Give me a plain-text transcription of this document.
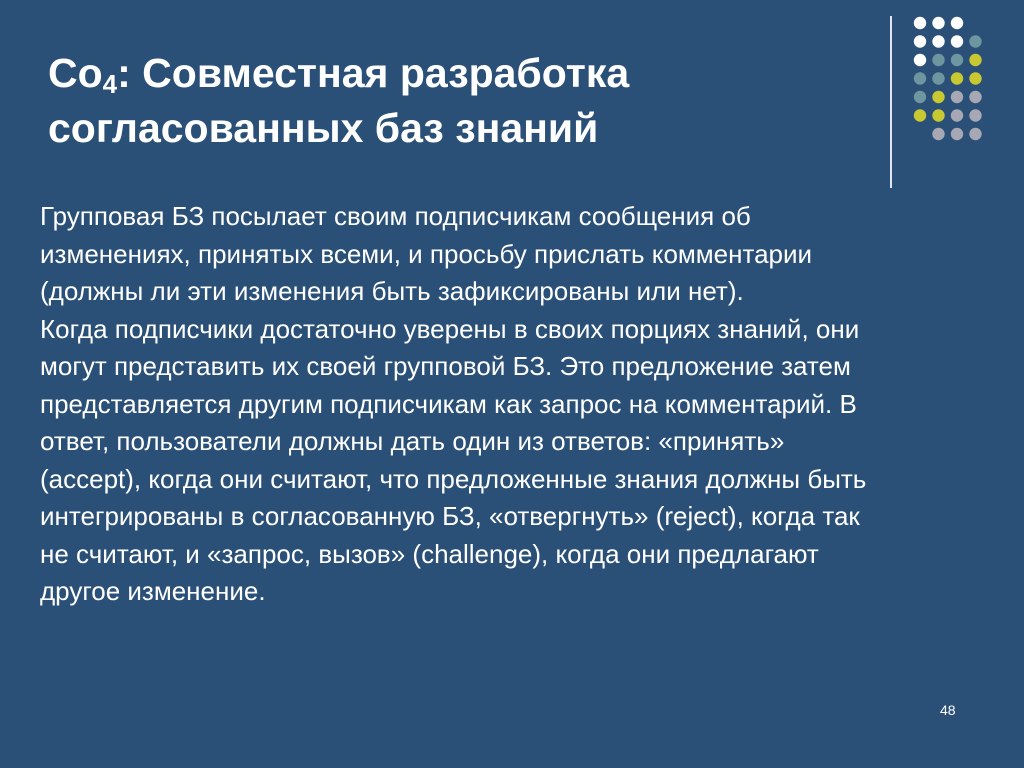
$Co_4$: Совместная разработка согласованных баз знаний

Групповая БЗ посылает своим подписчикам сообщения об изменениях, принятых всеми, и просьбу прислать комментарии (должны ли эти изменения быть зафиксированы или нет).

Когда подписчики достаточно уверены в своих порциях знаний, они могут представить их своей групповой БЗ. Это предложение затем представляется другим подписчикам как запрос на комментарий. В ответ, пользователи должны дать один из ответов: «принять» (accept), когда они считают, что предложенные знания должны быть интегрированы в согласованную БЗ, «отвергнуть» (reject), когда так не считают, и «запрос, вызов» (challenge), когда они предлагают другое изменение.

48
